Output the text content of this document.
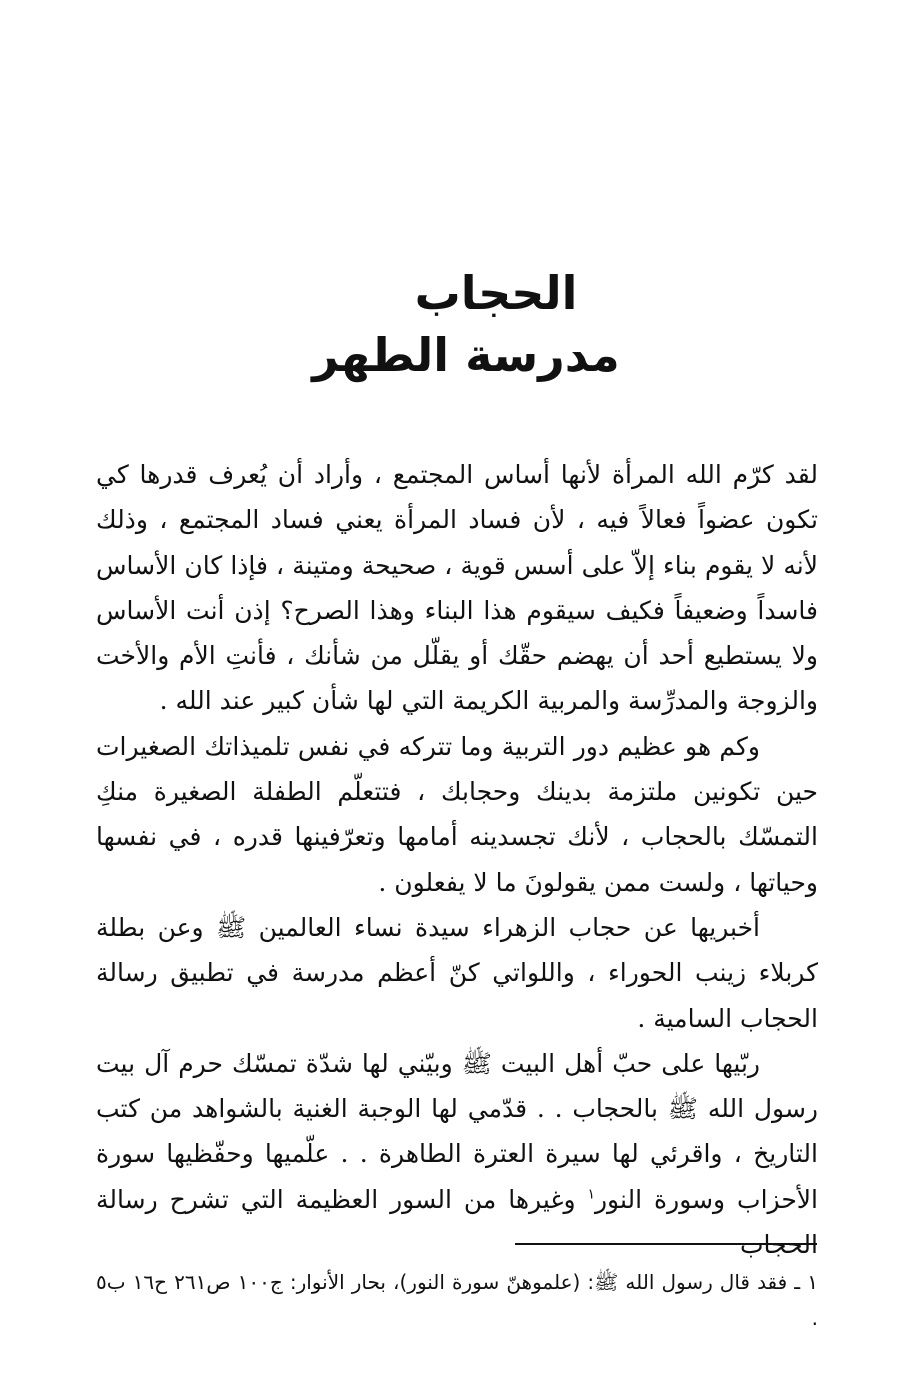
الحجاب
مدرسة الطهر

لقد كرّم الله المرأة لأنها أساس المجتمع ، وأراد أن يُعرف قدرها كي تكون عضواً فعالاً فيه ، لأن فساد المرأة يعني فساد المجتمع ، وذلك لأنه لا يقوم بناء إلاّ على أسس قوية ، صحيحة ومتينة ، فإذا كان الأساس فاسداً وضعيفاً فكيف سيقوم هذا البناء وهذا الصرح؟ إذن أنت الأساس ولا يستطيع أحد أن يهضم حقّك أو يقلّل من شأنك ، فأنتِ الأم والأخت والزوجة والمدرِّسة والمربية الكريمة التي لها شأن كبير عند الله .

وكم هو عظيم دور التربية وما تتركه في نفس تلميذاتك الصغيرات حين تكونين ملتزمة بدينك وحجابك ، فتتعلّم الطفلة الصغيرة منكِ التمسّك بالحجاب ، لأنك تجسدينه أمامها وتعرّفينها قدره ، في نفسها وحياتها ، ولست ممن يقولونَ ما لا يفعلون .

أخبريها عن حجاب الزهراء سيدة نساء العالمين ﷺ وعن بطلة كربلاء زينب الحوراء ، واللواتي كنّ أعظم مدرسة في تطبيق رسالة الحجاب السامية .

ربّيها على حبّ أهل البيت ﷺ وبيّني لها شدّة تمسّك حرم آل بيت رسول الله ﷺ بالحجاب . . قدّمي لها الوجبة الغنية بالشواهد من كتب التاريخ ، واقرئي لها سيرة العترة الطاهرة . . علّميها وحفّظيها سورة الأحزاب وسورة النور$^١$ وغيرها من السور العظيمة التي تشرح رسالة الحجاب

١ ـ فقد قال رسول الله ﷺ: (علموهنّ سورة النور)، بحار الأنوار: ج١٠٠ ص٢٦١ ح١٦ ب٥ .
